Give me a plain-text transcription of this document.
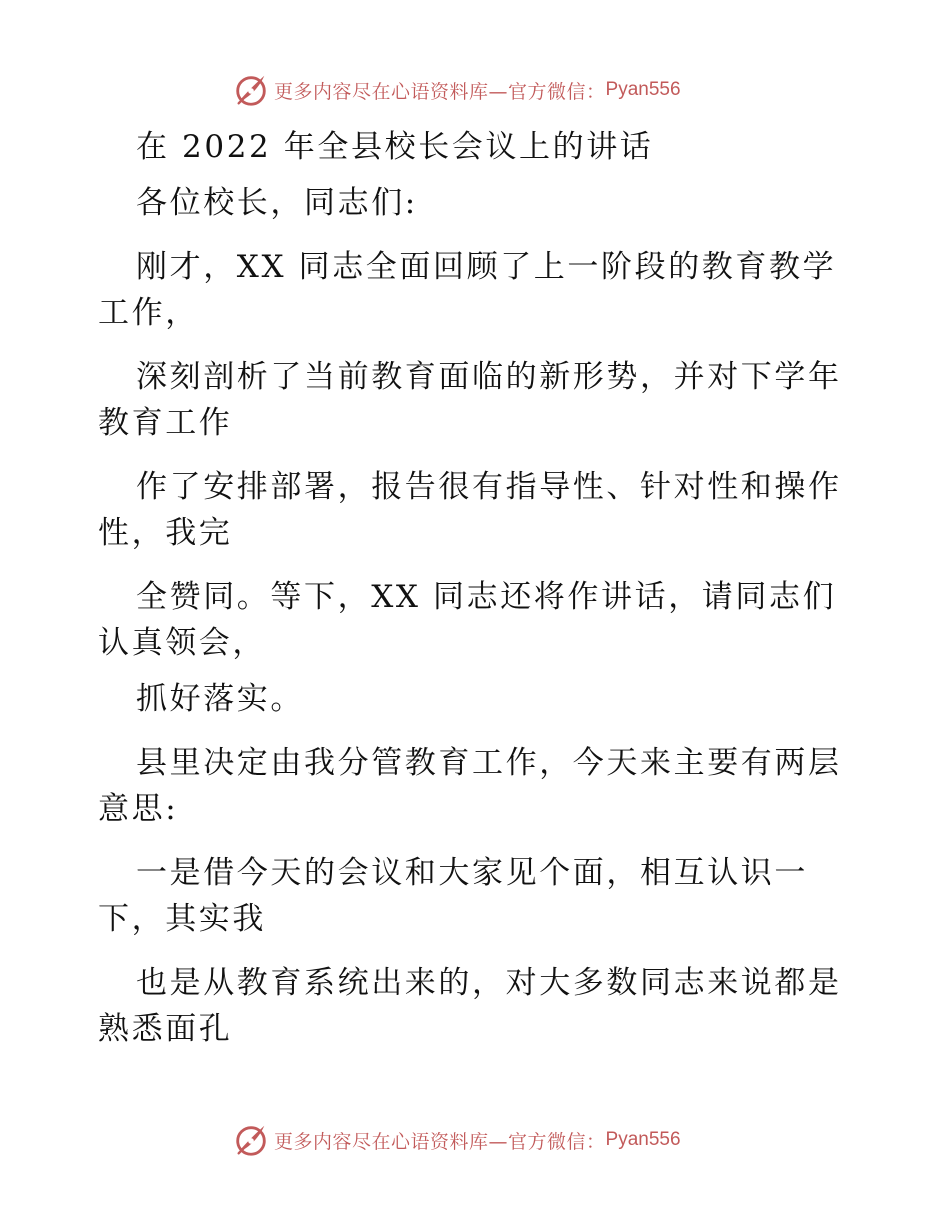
更多内容尽在心语资料库—官方微信： Pyan556

在 2022 年全县校长会议上的讲话

各位校长，同志们:

刚才，XX 同志全面回顾了上一阶段的教育教学

工作，

深刻剖析了当前教育面临的新形势，并对下学年

教育工作

作了安排部署，报告很有指导性、针对性和操作

性，我完

全赞同。等下，XX 同志还将作讲话，请同志们

认真领会，

抓好落实。

县里决定由我分管教育工作，今天来主要有两层

意思:

一是借今天的会议和大家见个面，相互认识一

下，其实我

也是从教育系统出来的，对大多数同志来说都是

熟悉面孔

更多内容尽在心语资料库—官方微信： Pyan556
